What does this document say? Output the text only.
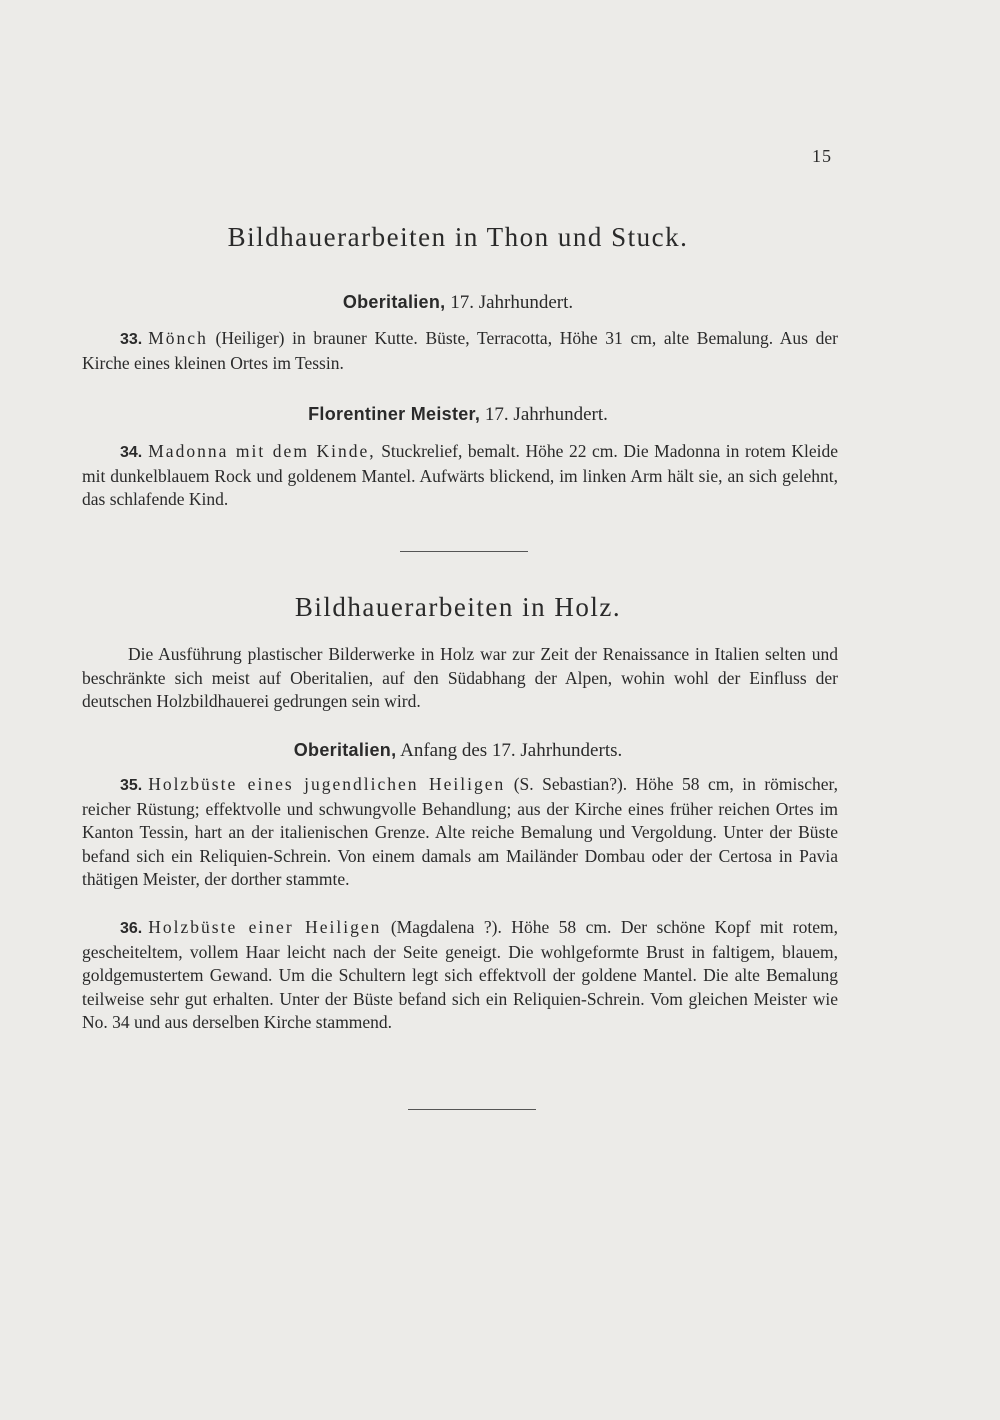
15
Bildhauerarbeiten in Thon und Stuck.

Oberitalien, 17. Jahrhundert.

33. Mönch (Heiliger) in brauner Kutte. Büste, Terracotta, Höhe 31 cm, alte Bemalung. Aus der Kirche eines kleinen Ortes im Tessin.

Florentiner Meister, 17. Jahrhundert.

34. Madonna mit dem Kinde, Stuckrelief, bemalt. Höhe 22 cm. Die Madonna in rotem Kleide mit dunkelblauem Rock und goldenem Mantel. Aufwärts blickend, im linken Arm hält sie, an sich gelehnt, das schlafende Kind.

Bildhauerarbeiten in Holz.

Die Ausführung plastischer Bilderwerke in Holz war zur Zeit der Renaissance in Italien selten und beschränkte sich meist auf Oberitalien, auf den Südabhang der Alpen, wohin wohl der Einfluss der deutschen Holzbildhauerei gedrungen sein wird.

Oberitalien, Anfang des 17. Jahrhunderts.

35. Holzbüste eines jugendlichen Heiligen (S. Sebastian?). Höhe 58 cm, in römischer, reicher Rüstung; effektvolle und schwungvolle Behandlung; aus der Kirche eines früher reichen Ortes im Kanton Tessin, hart an der italienischen Grenze. Alte reiche Bemalung und Vergoldung. Unter der Büste befand sich ein Reliquien-Schrein. Von einem damals am Mailänder Dombau oder der Certosa in Pavia thätigen Meister, der dorther stammte.

36. Holzbüste einer Heiligen (Magdalena ?). Höhe 58 cm. Der schöne Kopf mit rotem, gescheiteltem, vollem Haar leicht nach der Seite geneigt. Die wohlgeformte Brust in faltigem, blauem, goldgemustertem Gewand. Um die Schultern legt sich effektvoll der goldene Mantel. Die alte Bemalung teilweise sehr gut erhalten. Unter der Büste befand sich ein Reliquien-Schrein. Vom gleichen Meister wie No. 34 und aus derselben Kirche stammend.
